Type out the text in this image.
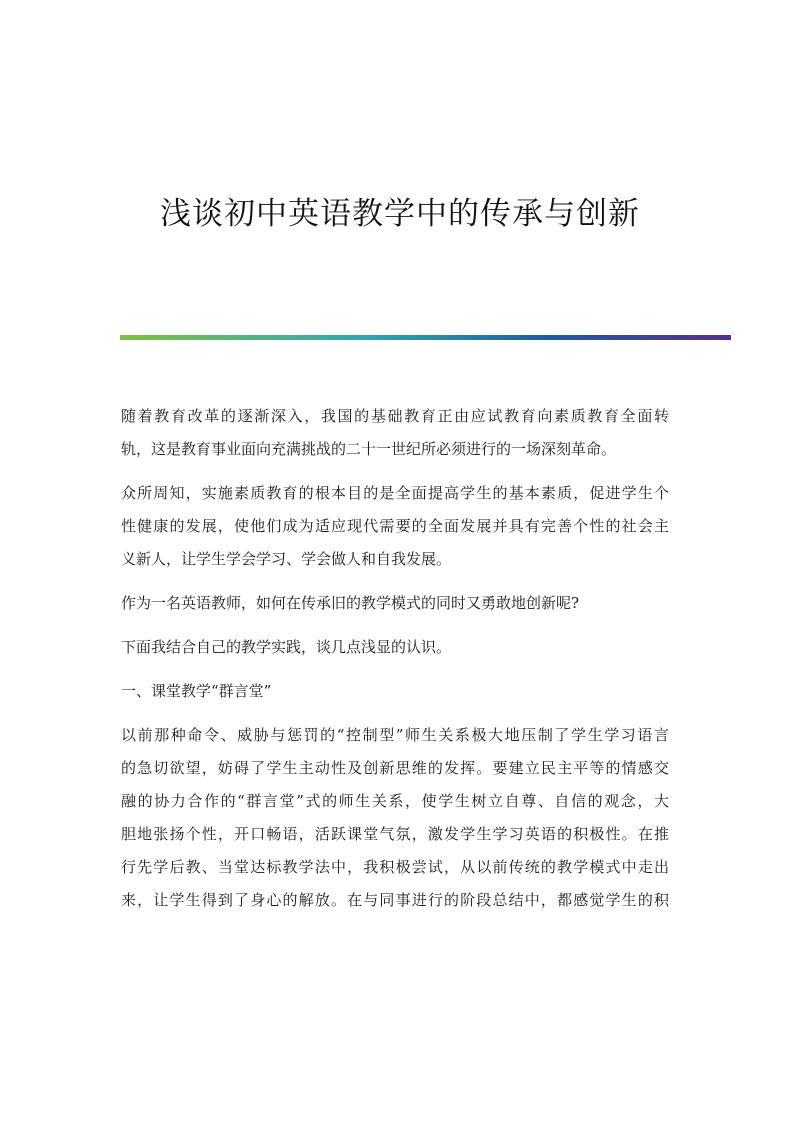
浅谈初中英语教学中的传承与创新

随着教育改革的逐渐深入，我国的基础教育正由应试教育向素质教育全面转
轨，这是教育事业面向充满挑战的二十一世纪所必须进行的一场深刻革命。

众所周知，实施素质教育的根本目的是全面提高学生的基本素质，促进学生个
性健康的发展，使他们成为适应现代需要的全面发展并具有完善个性的社会主
义新人，让学生学会学习、学会做人和自我发展。

作为一名英语教师，如何在传承旧的教学模式的同时又勇敢地创新呢?

下面我结合自己的教学实践，谈几点浅显的认识。

一、课堂教学“群言堂”

以前那种命令、威胁与惩罚的“控制型”师生关系极大地压制了学生学习语言
的急切欲望，妨碍了学生主动性及创新思维的发挥。要建立民主平等的情感交
融的协力合作的“群言堂”式的师生关系，使学生树立自尊、自信的观念，大
胆地张扬个性，开口畅语，活跃课堂气氛，激发学生学习英语的积极性。在推
行先学后教、当堂达标教学法中，我积极尝试，从以前传统的教学模式中走出
来，让学生得到了身心的解放。在与同事进行的阶段总结中，都感觉学生的积
